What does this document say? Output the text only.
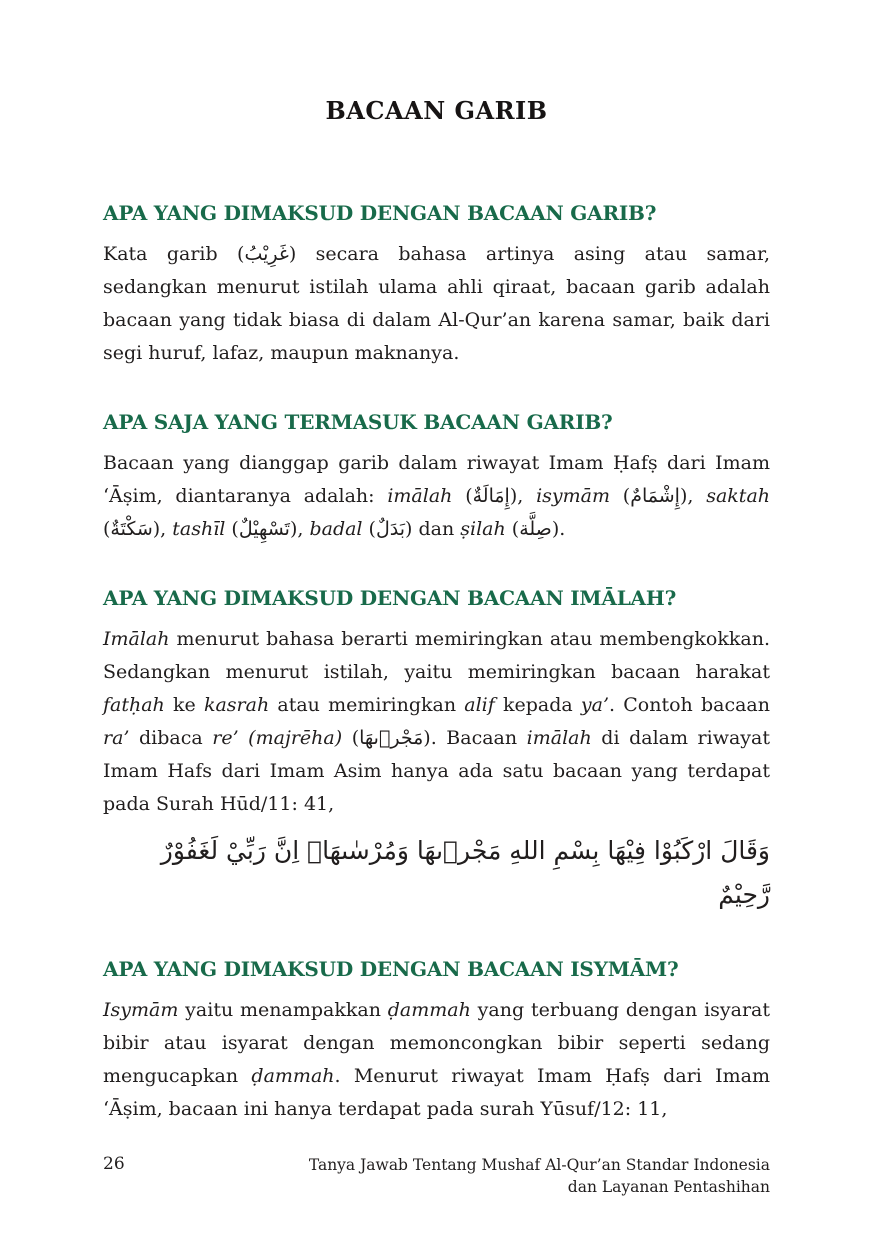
BACAAN GARIB
APA YANG DIMAKSUD DENGAN BACAAN GARIB?

Kata garib (غَرِيْبُ) secara bahasa artinya asing atau samar, sedangkan menurut istilah ulama ahli qiraat, bacaan garib adalah bacaan yang tidak biasa di dalam Al-Qur’an karena samar, baik dari segi huruf, lafaz, maupun maknanya.

APA SAJA YANG TERMASUK BACAAN GARIB?

Bacaan yang dianggap garib dalam riwayat Imam Ḥafṣ dari Imam ‘Āṣim, diantaranya adalah: imālah (إِمَالَةٌ), isymām (إِشْمَامٌ), saktah (سَكْتَةٌ), tashīl (تَسْهِيْلٌ), badal (بَدَلٌ) dan ṣilah (صِلَّة).

APA YANG DIMAKSUD DENGAN BACAAN IMĀLAH?

Imālah menurut bahasa berarti memiringkan atau membengkokkan. Sedangkan menurut istilah, yaitu memiringkan bacaan harakat fatḥah ke kasrah atau memiringkan alif kepada ya’. Contoh bacaan ra’ dibaca re’ (majrēha) (مَجْر۪ىهَا). Bacaan imālah di dalam riwayat Imam Hafs dari Imam Asim hanya ada satu bacaan yang terdapat pada Surah Hūd/11: 41,

وَقَالَ ارْكَبُوْا فِيْهَا بِسْمِ اللهِ مَجْر۪ىهَا وَمُرْسٰىهَاۗ اِنَّ رَبِّيْ لَغَفُوْرٌ رَّحِيْمٌ
APA YANG DIMAKSUD DENGAN BACAAN ISYMĀM?

Isymām yaitu menampakkan ḍammah yang terbuang dengan isyarat bibir atau isyarat dengan memoncongkan bibir seperti sedang mengucapkan ḍammah. Menurut riwayat Imam Ḥafṣ dari Imam ‘Āṣim, bacaan ini hanya terdapat pada surah Yūsuf/12: 11,

26	Tanya Jawab Tentang Mushaf Al-Qur’an Standar Indonesia
dan Layanan Pentashihan
